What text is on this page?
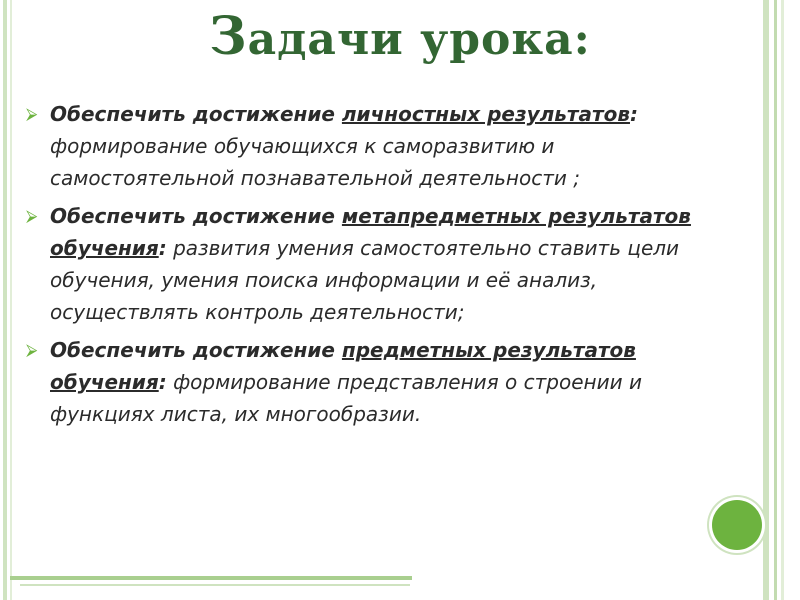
Задачи урока:
⮚ Обеспечить достижение личностных результатов: формирование обучающихся к саморазвитию и самостоятельной познавательной деятельности ;
⮚ Обеспечить достижение метапредметных результатов обучения: развития умения самостоятельно ставить цели обучения, умения поиска информации и её анализ, осуществлять контроль деятельности;
⮚ Обеспечить достижение предметных результатов обучения: формирование представления о строении и функциях листа, их многообразии.
